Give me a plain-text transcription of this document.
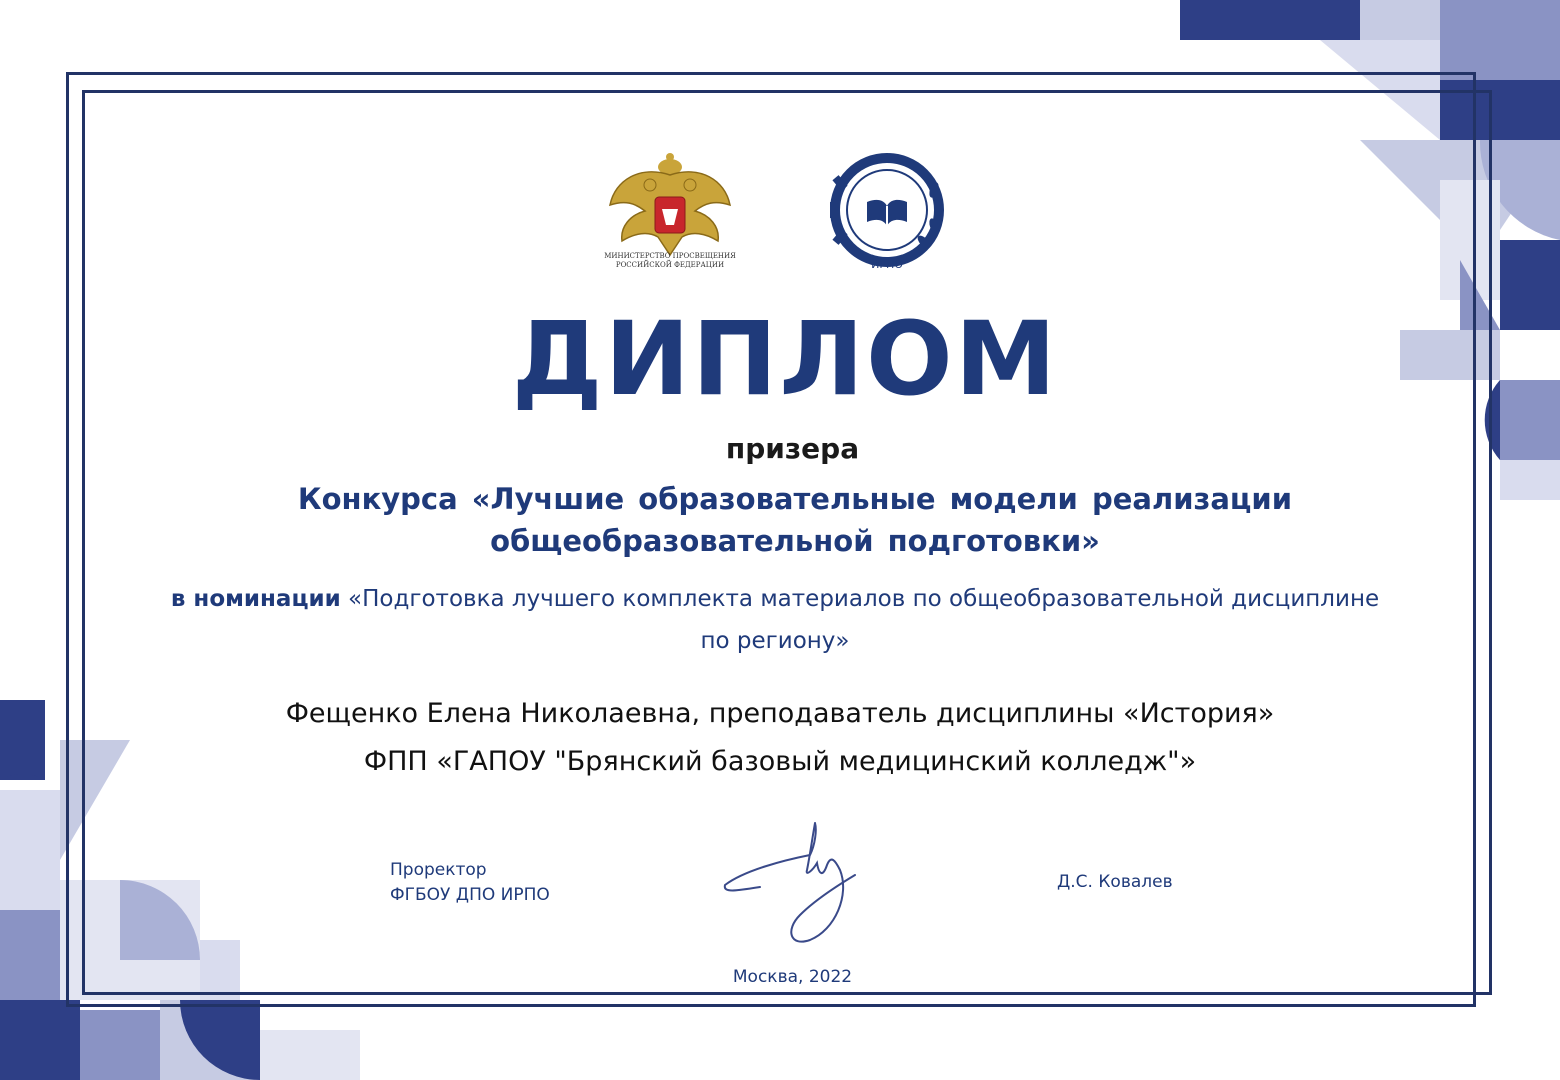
МИНИСТЕРСТВО ПРОСВЕЩЕНИЯ
РОССИЙСКОЙ ФЕДЕРАЦИИ	ИРПО
ДИПЛОМ
призера
Конкурса «Лучшие образовательные модели реализации
общеобразовательной подготовки»
в номинации «Подготовка лучшего комплекта материалов по общеобразовательной дисциплине по региону»
Фещенко Елена Николаевна, преподаватель дисциплины «История»
ФПП «ГАПОУ "Брянский базовый медицинский колледж"»
Проректор
ФГБОУ ДПО ИРПО
Д.С. Ковалев
Москва, 2022
